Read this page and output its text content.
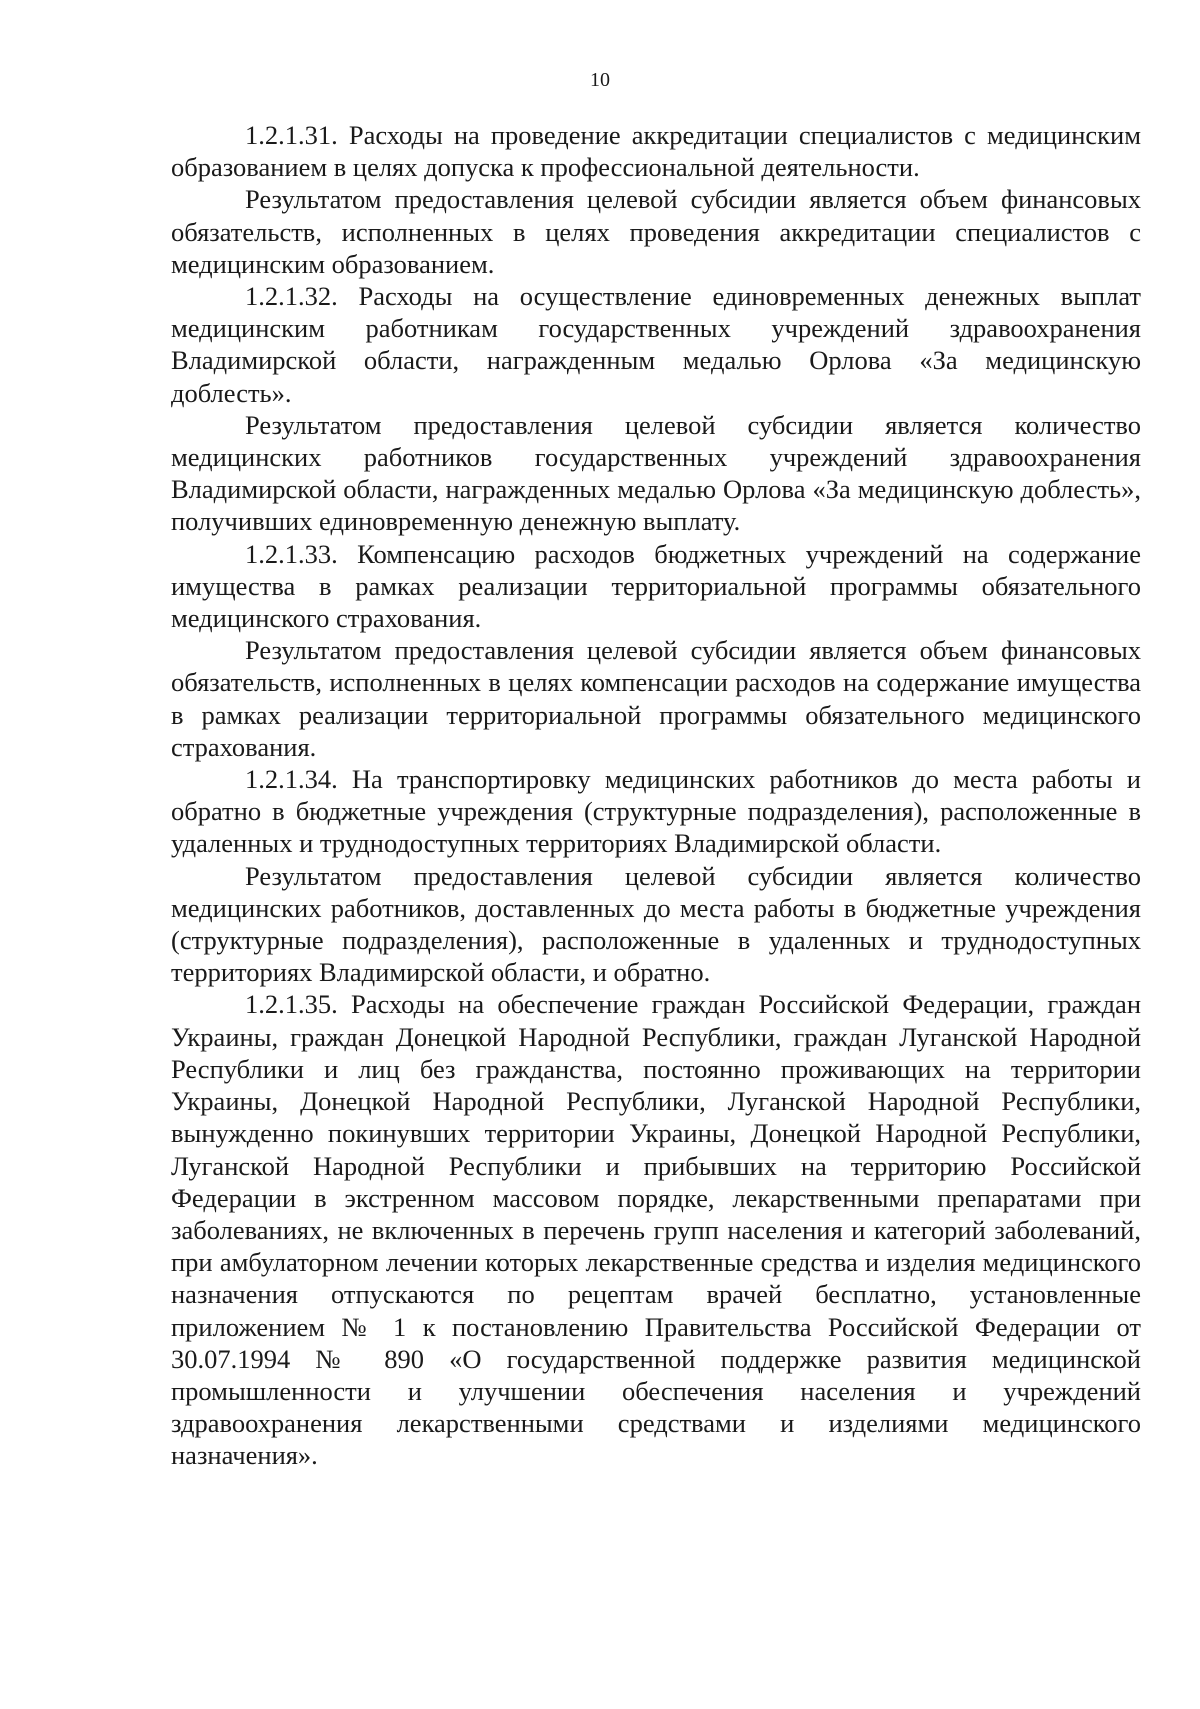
10

1.2.1.31. Расходы на проведение аккредитации специалистов с медицинским образованием в целях допуска к профессиональной деятельности.

Результатом предоставления целевой субсидии является объем финансовых обязательств, исполненных в целях проведения аккредитации специалистов с медицинским образованием.

1.2.1.32. Расходы на осуществление единовременных денежных выплат медицинским работникам государственных учреждений здравоохранения Владимирской области, награжденным медалью Орлова «За медицинскую доблесть».

Результатом предоставления целевой субсидии является количество медицинских работников государственных учреждений здравоохранения Владимирской области, награжденных медалью Орлова «За медицинскую доблесть», получивших единовременную денежную выплату.

1.2.1.33. Компенсацию расходов бюджетных учреждений на содержание имущества в рамках реализации территориальной программы обязательного медицинского страхования.

Результатом предоставления целевой субсидии является объем финансовых обязательств, исполненных в целях компенсации расходов на содержание имущества в рамках реализации территориальной программы обязательного медицинского страхования.

1.2.1.34. На транспортировку медицинских работников до места работы и обратно в бюджетные учреждения (структурные подразделения), расположенные в удаленных и труднодоступных территориях Владимирской области.

Результатом предоставления целевой субсидии является количество медицинских работников, доставленных до места работы в бюджетные учреждения (структурные подразделения), расположенные в удаленных и труднодоступных территориях Владимирской области, и обратно.

1.2.1.35. Расходы на обеспечение граждан Российской Федерации, граждан Украины, граждан Донецкой Народной Республики, граждан Луганской Народной Республики и лиц без гражданства, постоянно проживающих на территории Украины, Донецкой Народной Республики, Луганской Народной Республики, вынужденно покинувших территории Украины, Донецкой Народной Республики, Луганской Народной Республики и прибывших на территорию Российской Федерации в экстренном массовом порядке, лекарственными препаратами при заболеваниях, не включенных в перечень групп населения и категорий заболеваний, при амбулаторном лечении которых лекарственные средства и изделия медицинского назначения отпускаются по рецептам врачей бесплатно, установленные приложением № 1 к постановлению Правительства Российской Федерации от 30.07.1994 № 890 «О государственной поддержке развития медицинской промышленности и улучшении обеспечения населения и учреждений здравоохранения лекарственными средствами и изделиями медицинского назначения».
